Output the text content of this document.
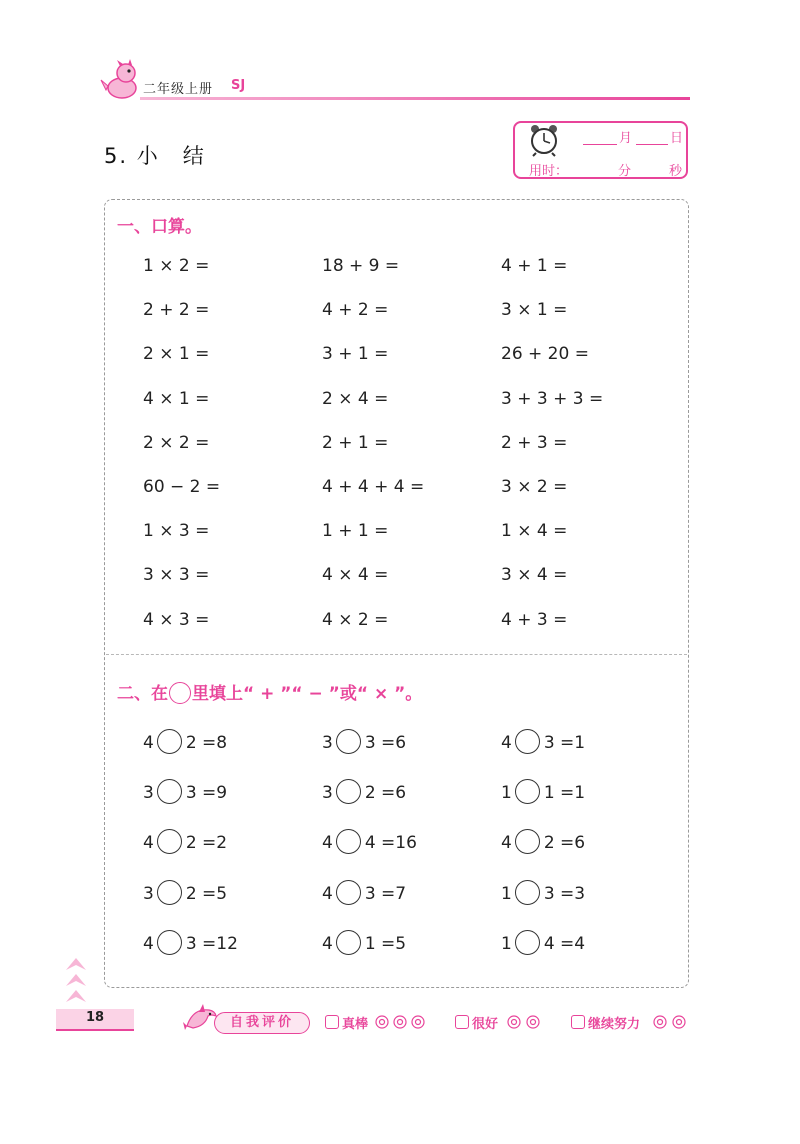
二年级上册 SJ
5. 小　结
月	日
用时：	分	秒
一、口算。
1 × 2 =	18 + 9 =	4 + 1 =
2 + 2 =	4 + 2 =	3 × 1 =
2 × 1 =	3 + 1 =	26 + 20 =
4 × 1 =	2 × 4 =	3 + 3 + 3 =
2 × 2 =	2 + 1 =	2 + 3 =
60 − 2 =	4 + 4 + 4 =	3 × 2 =
1 × 3 =	1 + 1 =	1 × 4 =
3 × 3 =	4 × 4 =	3 × 4 =
4 × 3 =	4 × 2 =	4 + 3 =
二、在 里填上“ + ”“ − ”或“ × ”。
4 2 =8	3 3 =6	4 3 =1
3 3 =9	3 2 =6	1 1 =1
4 2 =2	4 4 =16	4 2 =6
3 2 =5	4 3 =7	1 3 =3
4 3 =12	4 1 =5	1 4 =4
18	自我评价	真棒	很好	继续努力
